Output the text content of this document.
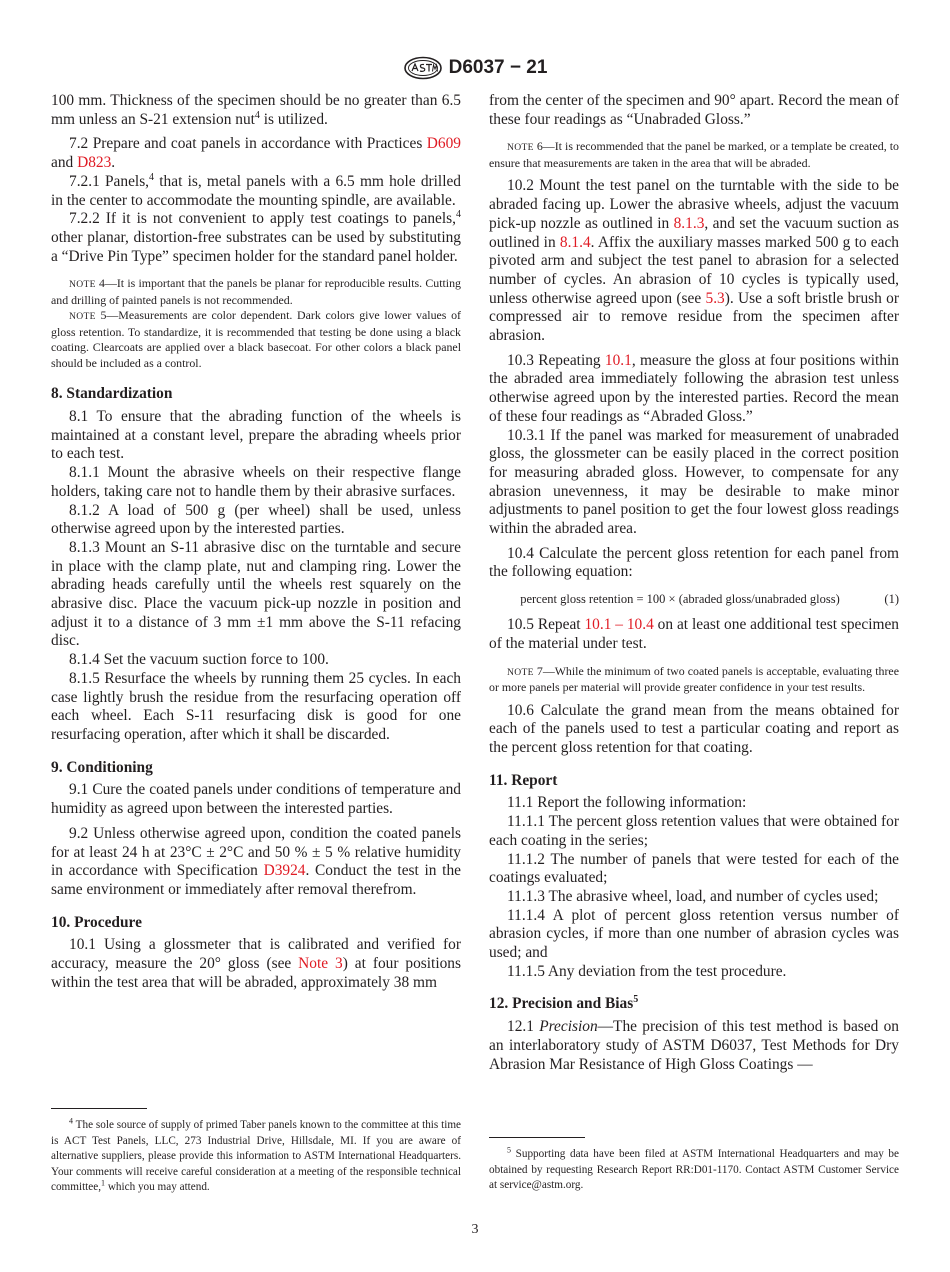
D6037 − 21

100 mm. Thickness of the specimen should be no greater than 6.5 mm unless an S-21 extension nut$^4$ is utilized.

7.2 Prepare and coat panels in accordance with Practices D609 and D823.

7.2.1 Panels,$^4$ that is, metal panels with a 6.5 mm hole drilled in the center to accommodate the mounting spindle, are available.

7.2.2 If it is not convenient to apply test coatings to panels,$^4$ other planar, distortion-free substrates can be used by substituting a “Drive Pin Type” specimen holder for the standard panel holder.

NOTE 4—It is important that the panels be planar for reproducible results. Cutting and drilling of painted panels is not recommended.

NOTE 5—Measurements are color dependent. Dark colors give lower values of gloss retention. To standardize, it is recommended that testing be done using a black coating. Clearcoats are applied over a black basecoat. For other colors a black panel should be included as a control.

8. Standardization

8.1 To ensure that the abrading function of the wheels is maintained at a constant level, prepare the abrading wheels prior to each test.

8.1.1 Mount the abrasive wheels on their respective flange holders, taking care not to handle them by their abrasive surfaces.

8.1.2 A load of 500 g (per wheel) shall be used, unless otherwise agreed upon by the interested parties.

8.1.3 Mount an S-11 abrasive disc on the turntable and secure in place with the clamp plate, nut and clamping ring. Lower the abrading heads carefully until the wheels rest squarely on the abrasive disc. Place the vacuum pick-up nozzle in position and adjust it to a distance of 3 mm ±1 mm above the S-11 refacing disc.

8.1.4 Set the vacuum suction force to 100.

8.1.5 Resurface the wheels by running them 25 cycles. In each case lightly brush the residue from the resurfacing operation off each wheel. Each S-11 resurfacing disk is good for one resurfacing operation, after which it shall be discarded.

9. Conditioning

9.1 Cure the coated panels under conditions of temperature and humidity as agreed upon between the interested parties.

9.2 Unless otherwise agreed upon, condition the coated panels for at least 24 h at 23°C ± 2°C and 50 % ± 5 % relative humidity in accordance with Specification D3924. Conduct the test in the same environment or immediately after removal therefrom.

10. Procedure

10.1 Using a glossmeter that is calibrated and verified for accuracy, measure the 20° gloss (see Note 3) at four positions within the test area that will be abraded, approximately 38 mm

$^4$ The sole source of supply of primed Taber panels known to the committee at this time is ACT Test Panels, LLC, 273 Industrial Drive, Hillsdale, MI. If you are aware of alternative suppliers, please provide this information to ASTM International Headquarters. Your comments will receive careful consideration at a meeting of the responsible technical committee,$^1$ which you may attend.

from the center of the specimen and 90° apart. Record the mean of these four readings as “Unabraded Gloss.”

NOTE 6—It is recommended that the panel be marked, or a template be created, to ensure that measurements are taken in the area that will be abraded.

10.2 Mount the test panel on the turntable with the side to be abraded facing up. Lower the abrasive wheels, adjust the vacuum pick-up nozzle as outlined in 8.1.3, and set the vacuum suction as outlined in 8.1.4. Affix the auxiliary masses marked 500 g to each pivoted arm and subject the test panel to abrasion for a selected number of cycles. An abrasion of 10 cycles is typically used, unless otherwise agreed upon (see 5.3). Use a soft bristle brush or compressed air to remove residue from the specimen after abrasion.

10.3 Repeating 10.1, measure the gloss at four positions within the abraded area immediately following the abrasion test unless otherwise agreed upon by the interested parties. Record the mean of these four readings as “Abraded Gloss.”

10.3.1 If the panel was marked for measurement of unabraded gloss, the glossmeter can be easily placed in the correct position for measuring abraded gloss. However, to compensate for any abrasion unevenness, it may be desirable to make minor adjustments to panel position to get the four lowest gloss readings within the abraded area.

10.4 Calculate the percent gloss retention for each panel from the following equation:

percent gloss retention = 100 × (abraded gloss/unabraded gloss)	(1)

10.5 Repeat 10.1 – 10.4 on at least one additional test specimen of the material under test.

NOTE 7—While the minimum of two coated panels is acceptable, evaluating three or more panels per material will provide greater confidence in your test results.

10.6 Calculate the grand mean from the means obtained for each of the panels used to test a particular coating and report as the percent gloss retention for that coating.

11. Report

11.1 Report the following information:

11.1.1 The percent gloss retention values that were obtained for each coating in the series;

11.1.2 The number of panels that were tested for each of the coatings evaluated;

11.1.3 The abrasive wheel, load, and number of cycles used;

11.1.4 A plot of percent gloss retention versus number of abrasion cycles, if more than one number of abrasion cycles was used; and

11.1.5 Any deviation from the test procedure.

12. Precision and Bias$^5$

12.1 Precision—The precision of this test method is based on an interlaboratory study of ASTM D6037, Test Methods for Dry Abrasion Mar Resistance of High Gloss Coatings —

$^5$ Supporting data have been filed at ASTM International Headquarters and may be obtained by requesting Research Report RR:D01-1170. Contact ASTM Customer Service at service@astm.org.

3
